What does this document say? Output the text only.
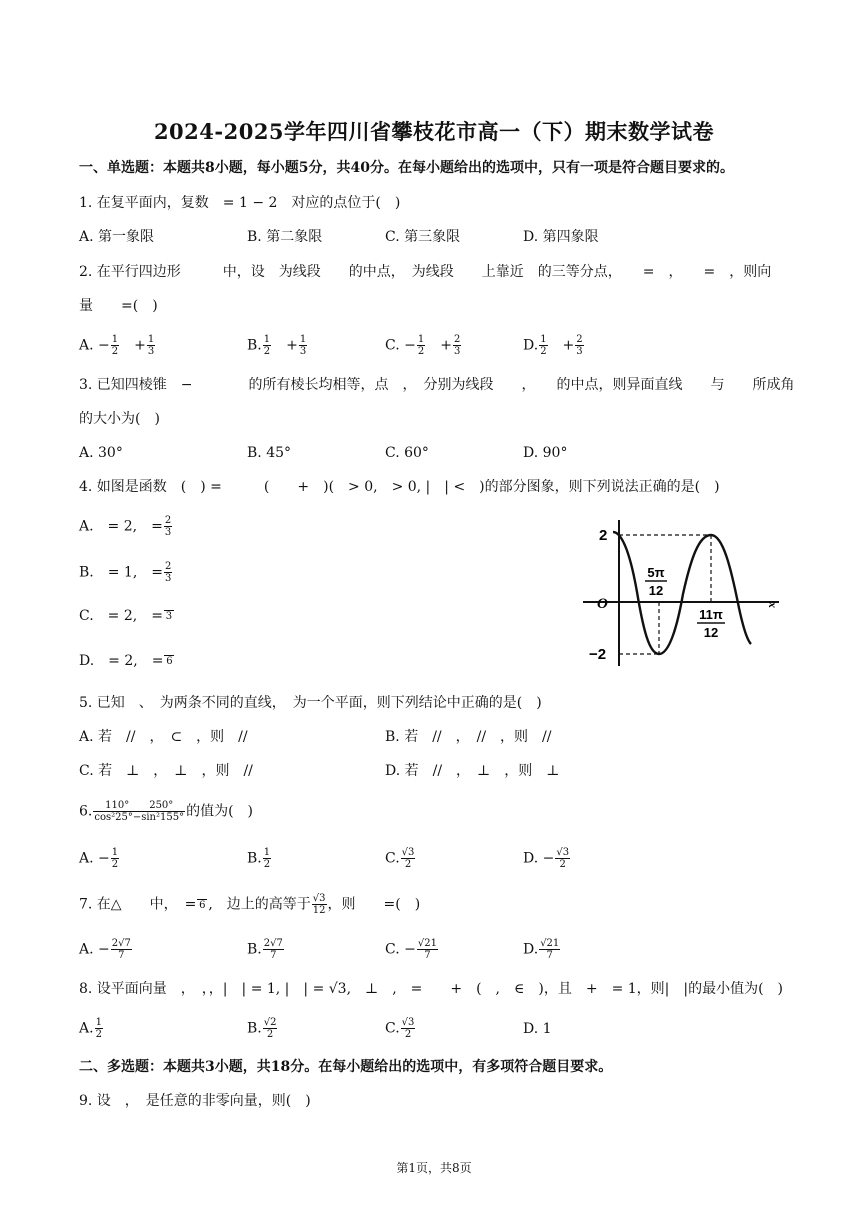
2024-2025学年四川省攀枝花市高一（下）期末数学试卷
一、单选题：本题共8小题，每小题5分，共40分。在每小题给出的选项中，只有一项是符合题目要求的。
1. 在复平面内，复数　= 1 − 2　对应的点位于(　)
A. 第一象限	B. 第二象限	C. 第三象限	D. 第四象限
2. 在平行四边形　　　中，设　为线段　　的中点，　为线段　　上靠近　的三等分点，　　=　，　　=　，则向
量　　=(　)
A. − $\frac{1}{2}$ 　+ $\frac{1}{3}$	B. $\frac{1}{2}$ 　+ $\frac{1}{3}$	C. − $\frac{1}{2}$ 　+ $\frac{2}{3}$	D. $\frac{1}{2}$ 　+ $\frac{2}{3}$
3. 已知四棱锥　−　　　　的所有棱长均相等，点　，　分别为线段　　，　　的中点，则异面直线　　与　　所成角
的大小为(　)
A. 30°	B. 45°	C. 60°	D. 90°
4. 如图是函数　(　) =　　　(　　+　)(　> 0,　> 0, |　| <　)的部分图象，则下列说法正确的是(　)
A.　= 2,　= $\frac{2}{3}$
B.　= 1,　= $\frac{2}{3}$
C.　= 2,　= 3
D.　= 2,　= 6
2
−2
O
5π
12
11π
12
x
5. 已知　、　为两条不同的直线，　为一个平面，则下列结论中正确的是(　)
A. 若　//　，　⊂　，则　//	B. 若　//　，　//　，则　//
C. 若　⊥　，　⊥　，则　//	D. 若　//　，　⊥　，则　⊥
6. $\frac{110^\circ 250^\circ}{\text{cos²25°−sin²155°}}$ 的值为(　)
A. − $\frac{1}{2}$	B. $\frac{1}{2}$	C. $\frac{√3}{2}$	D. − $\frac{√3}{2}$
7. 在△　　中，　= 6 ,　边上的高等于 $\frac{√3}{12}$ ，则　　=(　)
A. − $\frac{2√7}{7}$	B. $\frac{2√7}{7}$	C. − $\frac{√21}{7}$	D. $\frac{√21}{7}$
8. 设平面向量　，　，，|　| = 1, |　| = √3,　⊥　,　=　　+　(　,　∈　)，且　+　= 1，则|　|的最小值为(　)
A. $\frac{1}{2}$	B. $\frac{√2}{2}$	C. $\frac{√3}{2}$	D. 1
二、多选题：本题共3小题，共18分。在每小题给出的选项中，有多项符合题目要求。
9. 设　，　是任意的非零向量，则(　)
第1页，共8页
